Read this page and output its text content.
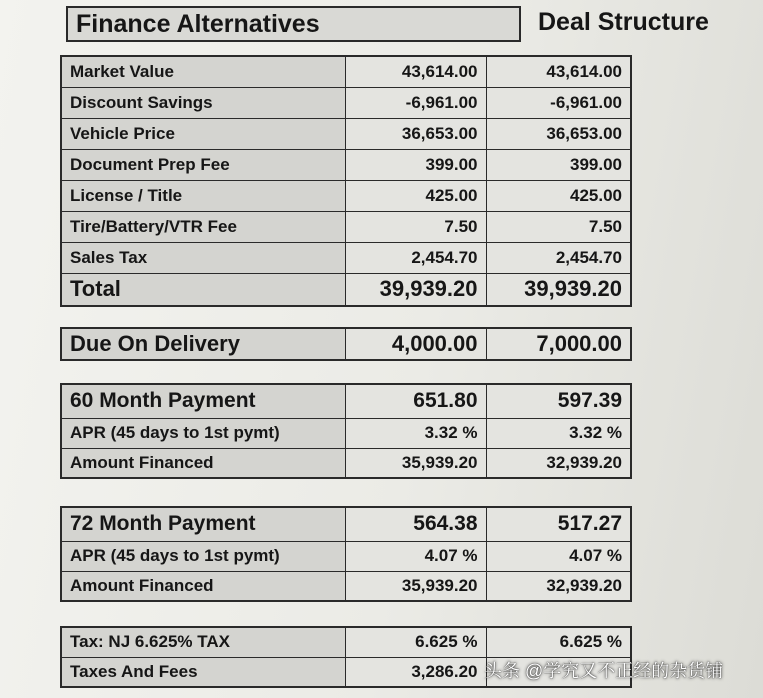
Finance Alternatives	Deal Structure
Market Value	43,614.00	43,614.00
Discount Savings	-6,961.00	-6,961.00
Vehicle Price	36,653.00	36,653.00
Document Prep Fee	399.00	399.00
License / Title	425.00	425.00
Tire/Battery/VTR Fee	7.50	7.50
Sales Tax	2,454.70	2,454.70
Total	39,939.20	39,939.20
Due On Delivery	4,000.00	7,000.00
60 Month Payment	651.80	597.39
APR (45 days to 1st pymt)	3.32 %	3.32 %
Amount Financed	35,939.20	32,939.20
72 Month Payment	564.38	517.27
APR (45 days to 1st pymt)	4.07 %	4.07 %
Amount Financed	35,939.20	32,939.20
Tax: NJ 6.625% TAX	6.625 %	6.625 %
Taxes And Fees	3,286.20	头条 @学究又不正经的杂货铺
